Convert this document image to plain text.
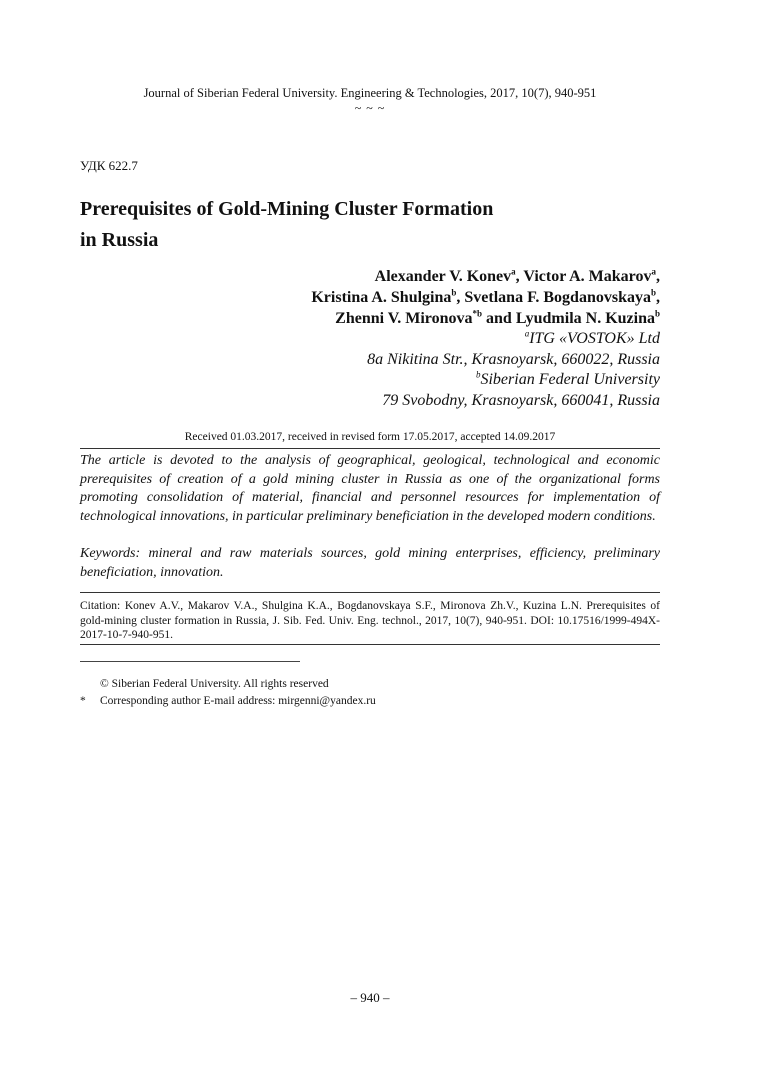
Journal of Siberian Federal University. Engineering & Technologies, 2017, 10(7), 940-951
~ ~ ~
УДК 622.7
Prerequisites of Gold-Mining Cluster Formation
in Russia
Alexander V. Konev$^a$, Victor A. Makarov$^a$,
Kristina A. Shulgina$^b$, Svetlana F. Bogdanovskaya$^b$,
Zhenni V. Mironova$^{*b}$ and Lyudmila N. Kuzina$^b$
$^a$ITG «VOSTOK» Ltd
8a Nikitina Str., Krasnoyarsk, 660022, Russia
$^b$Siberian Federal University
79 Svobodny, Krasnoyarsk, 660041, Russia
Received 01.03.2017, received in revised form 17.05.2017, accepted 14.09.2017
The article is devoted to the analysis of geographical, geological, technological and economic prerequisites of creation of a gold mining cluster in Russia as one of the organizational forms promoting consolidation of material, financial and personnel resources for implementation of technological innovations, in particular preliminary beneficiation in the developed modern conditions.
Keywords: mineral and raw materials sources, gold mining enterprises, efficiency, preliminary beneficiation, innovation.
Citation: Konev A.V., Makarov V.A., Shulgina K.A., Bogdanovskaya S.F., Mironova Zh.V., Kuzina L.N. Prerequisites of gold-mining cluster formation in Russia, J. Sib. Fed. Univ. Eng. technol., 2017, 10(7), 940-951. DOI: 10.17516/1999-494X-2017-10-7-940-951.
© Siberian Federal University. All rights reserved
* Corresponding author E-mail address: mirgenni@yandex.ru
– 940 –
